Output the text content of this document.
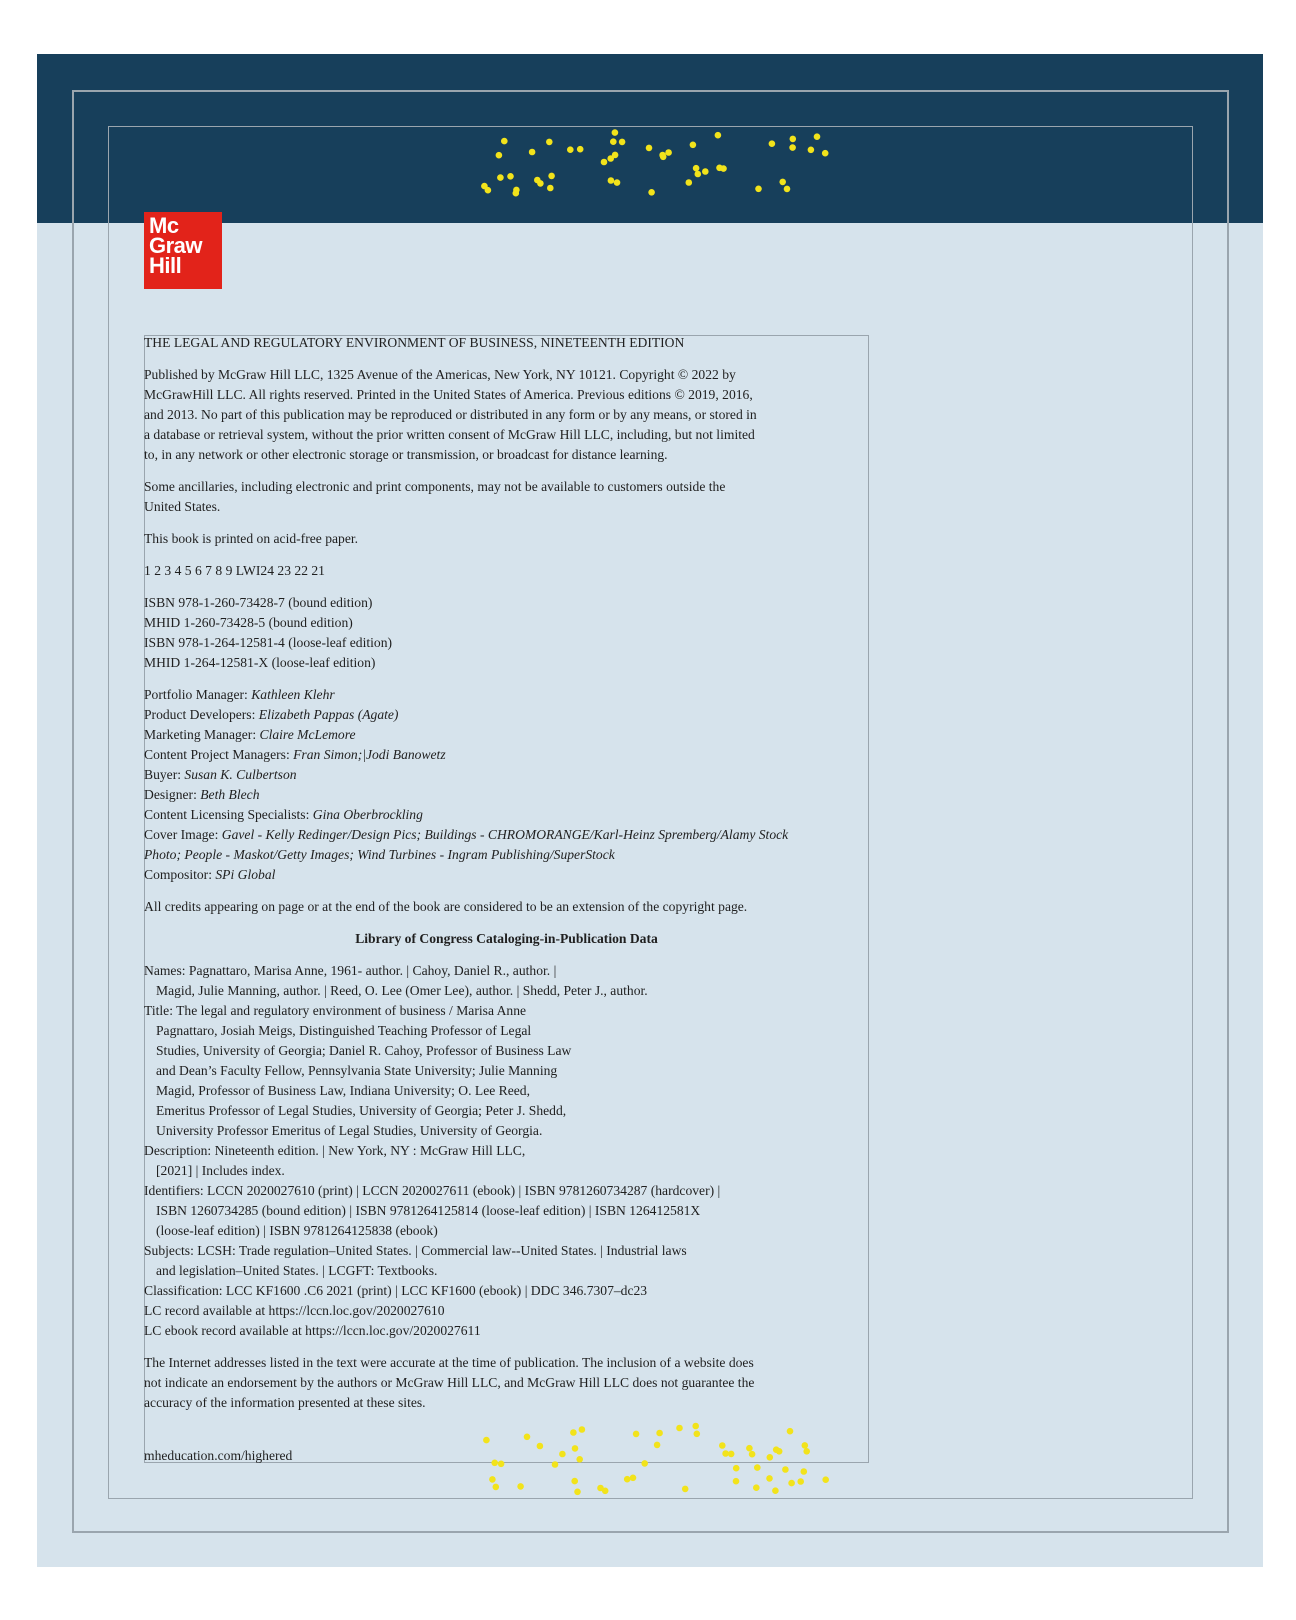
Mc
Graw
Hill

THE LEGAL AND REGULATORY ENVIRONMENT OF BUSINESS, NINETEENTH EDITION

Published by McGraw Hill LLC, 1325 Avenue of the Americas, New York, NY 10121. Copyright © 2022 by
McGrawHill LLC. All rights reserved. Printed in the United States of America. Previous editions © 2019, 2016,
and 2013. No part of this publication may be reproduced or distributed in any form or by any means, or stored in
a database or retrieval system, without the prior written consent of McGraw Hill LLC, including, but not limited
to, in any network or other electronic storage or transmission, or broadcast for distance learning.

Some ancillaries, including electronic and print components, may not be available to customers outside the
United States.

This book is printed on acid-free paper.

1 2 3 4 5 6 7 8 9 LWI24 23 22 21

ISBN 978-1-260-73428-7 (bound edition)
MHID 1-260-73428-5 (bound edition)
ISBN 978-1-264-12581-4 (loose-leaf edition)
MHID 1-264-12581-X (loose-leaf edition)

Portfolio Manager: Kathleen Klehr
Product Developers: Elizabeth Pappas (Agate)
Marketing Manager: Claire McLemore
Content Project Managers: Fran Simon;|Jodi Banowetz
Buyer: Susan K. Culbertson
Designer: Beth Blech
Content Licensing Specialists: Gina Oberbrockling
Cover Image: Gavel - Kelly Redinger/Design Pics; Buildings - CHROMORANGE/Karl-Heinz Spremberg/Alamy Stock
Photo; People - Maskot/Getty Images; Wind Turbines - Ingram Publishing/SuperStock
Compositor: SPi Global

All credits appearing on page or at the end of the book are considered to be an extension of the copyright page.

Library of Congress Cataloging-in-Publication Data

Names: Pagnattaro, Marisa Anne, 1961- author. | Cahoy, Daniel R., author. |
Magid, Julie Manning, author. | Reed, O. Lee (Omer Lee), author. | Shedd, Peter J., author.
Title: The legal and regulatory environment of business / Marisa Anne
Pagnattaro, Josiah Meigs, Distinguished Teaching Professor of Legal
Studies, University of Georgia; Daniel R. Cahoy, Professor of Business Law
and Dean’s Faculty Fellow, Pennsylvania State University; Julie Manning
Magid, Professor of Business Law, Indiana University; O. Lee Reed,
Emeritus Professor of Legal Studies, University of Georgia; Peter J. Shedd,
University Professor Emeritus of Legal Studies, University of Georgia.
Description: Nineteenth edition. | New York, NY : McGraw Hill LLC,
[2021] | Includes index.
Identifiers: LCCN 2020027610 (print) | LCCN 2020027611 (ebook) | ISBN 9781260734287 (hardcover) |
ISBN 1260734285 (bound edition) | ISBN 9781264125814 (loose-leaf edition) | ISBN 126412581X
(loose-leaf edition) | ISBN 9781264125838 (ebook)
Subjects: LCSH: Trade regulation–United States. | Commercial law--United States. | Industrial laws
and legislation–United States. | LCGFT: Textbooks.
Classification: LCC KF1600 .C6 2021 (print) | LCC KF1600 (ebook) | DDC 346.7307–dc23
LC record available at https://lccn.loc.gov/2020027610
LC ebook record available at https://lccn.loc.gov/2020027611

The Internet addresses listed in the text were accurate at the time of publication. The inclusion of a website does
not indicate an endorsement by the authors or McGraw Hill LLC, and McGraw Hill LLC does not guarantee the
accuracy of the information presented at these sites.

mheducation.com/highered
